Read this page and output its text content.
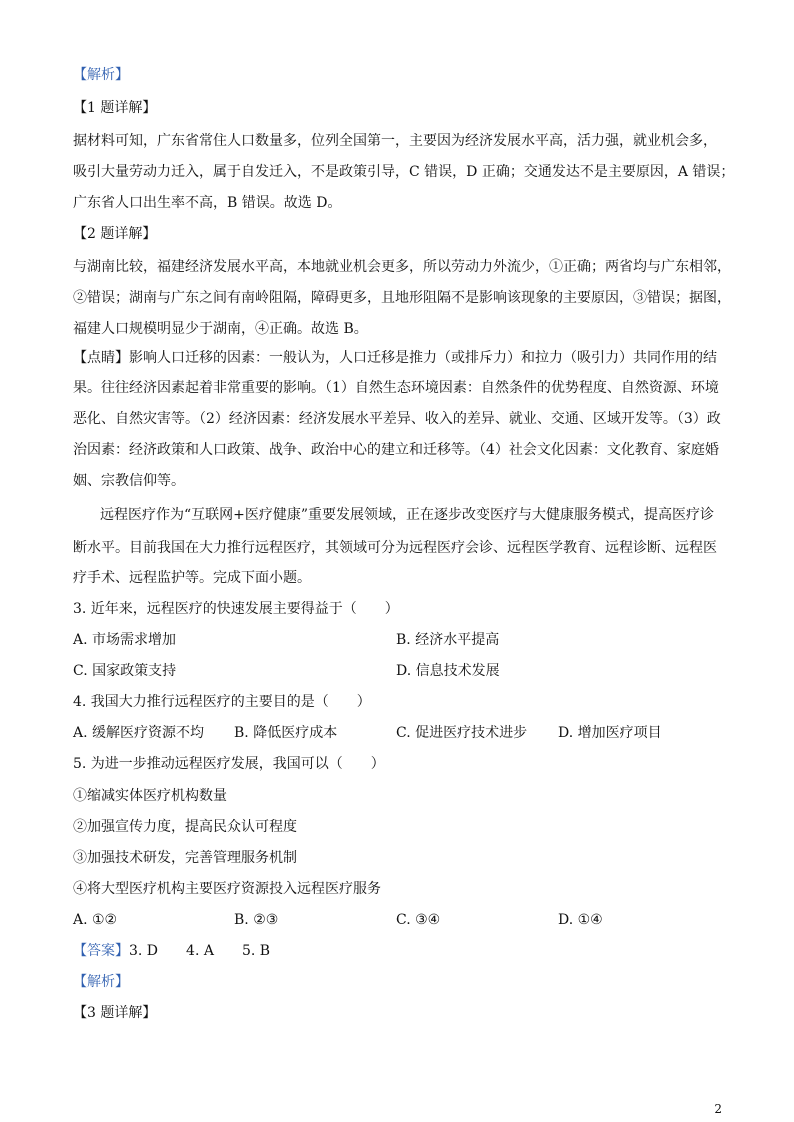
【解析】
【1 题详解】
据材料可知，广东省常住人口数量多，位列全国第一，主要因为经济发展水平高，活力强，就业机会多，
吸引大量劳动力迁入，属于自发迁入，不是政策引导，C 错误，D 正确；交通发达不是主要原因，A 错误；
广东省人口出生率不高，B 错误。故选 D。
【2 题详解】
与湖南比较，福建经济发展水平高，本地就业机会更多，所以劳动力外流少，①正确；两省均与广东相邻，
②错误；湖南与广东之间有南岭阻隔，障碍更多，且地形阻隔不是影响该现象的主要原因，③错误；据图，
福建人口规模明显少于湖南，④正确。故选 B。
【点睛】影响人口迁移的因素：一般认为，人口迁移是推力（或排斥力）和拉力（吸引力）共同作用的结
果。往往经济因素起着非常重要的影响。（1）自然生态环境因素：自然条件的优势程度、自然资源、环境
恶化、自然灾害等。（2）经济因素：经济发展水平差异、收入的差异、就业、交通、区域开发等。（3）政
治因素：经济政策和人口政策、战争、政治中心的建立和迁移等。（4）社会文化因素：文化教育、家庭婚
姻、宗教信仰等。
远程医疗作为“互联网+医疗健康”重要发展领域，正在逐步改变医疗与大健康服务模式，提高医疗诊
断水平。目前我国在大力推行远程医疗，其领域可分为远程医疗会诊、远程医学教育、远程诊断、远程医
疗手术、远程监护等。完成下面小题。
3. 近年来，远程医疗的快速发展主要得益于（　　）
A. 市场需求增加	B. 经济水平提高
C. 国家政策支持	D. 信息技术发展
4. 我国大力推行远程医疗的主要目的是（　　）
A. 缓解医疗资源不均 B. 降低医疗成本	C. 促进医疗技术进步 D. 增加医疗项目
5. 为进一步推动远程医疗发展，我国可以（　　）
①缩减实体医疗机构数量
②加强宣传力度，提高民众认可程度
③加强技术研发，完善管理服务机制
④将大型医疗机构主要医疗资源投入远程医疗服务
A. ①②	B. ②③	C. ③④	D. ①④
【答案】3. D　　4. A　　5. B
【解析】
【3 题详解】
2
